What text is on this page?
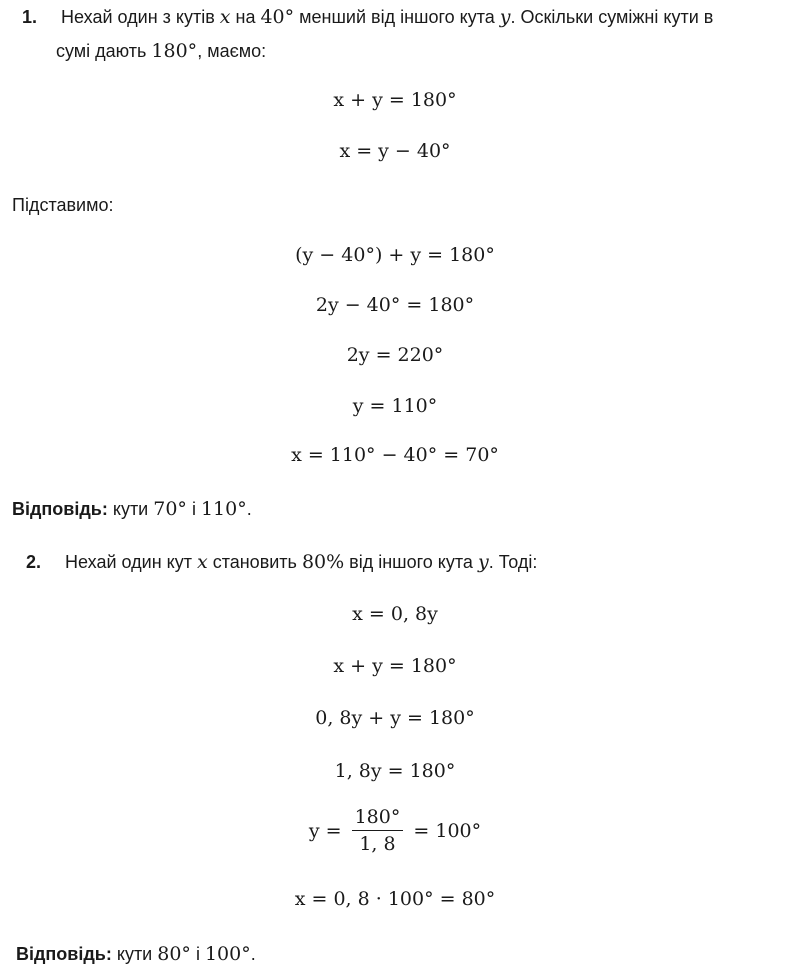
1. Нехай один з кутів x на 40° менший від іншого кута y. Оскільки суміжні кути в
сумі дають 180°, маємо:
x + y = 180°
x = y − 40°
Підставимо:
(y − 40°) + y = 180°
2y − 40° = 180°
2y = 220°
y = 110°
x = 110° − 40° = 70°
Відповідь: кути 70° і 110°.
2. Нехай один кут x становить 80% від іншого кута y. Тоді:
x = 0, 8y
x + y = 180°
0, 8y + y = 180°
1, 8y = 180°
$y = \frac{180^\circ}{1, 8} = 100^\circ$
x = 0, 8 · 100° = 80°
Відповідь: кути 80° і 100°.
